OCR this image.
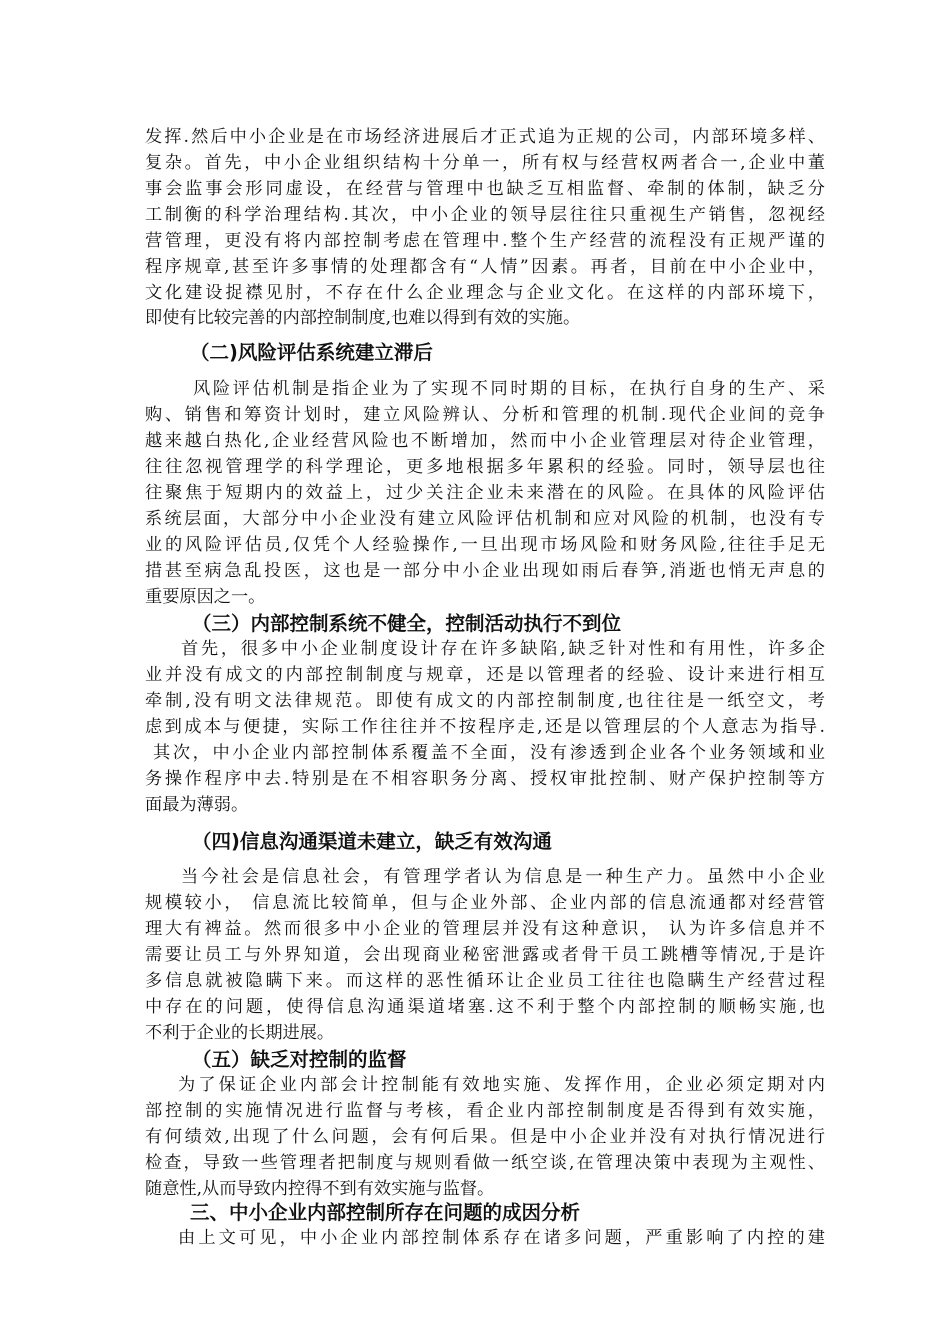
发挥.然后中小企业是在市场经济进展后才正式追为正规的公司，内部环境多样、
复杂。首先，中小企业组织结构十分单一，所有权与经营权两者合一,企业中董
事会监事会形同虚设，在经营与管理中也缺乏互相监督、牵制的体制，缺乏分
工制衡的科学治理结构.其次，中小企业的领导层往往只重视生产销售，忽视经
营管理，更没有将内部控制考虑在管理中.整个生产经营的流程没有正规严谨的
程序规章,甚至许多事情的处理都含有“人情”因素。再者，目前在中小企业中，
文化建设捉襟见肘，不存在什么企业理念与企业文化。在这样的内部环境下，
即使有比较完善的内部控制制度,也难以得到有效的实施。
（二)风险评估系统建立滞后
风险评估机制是指企业为了实现不同时期的目标，在执行自身的生产、采
购、销售和筹资计划时，建立风险辨认、分析和管理的机制.现代企业间的竞争
越来越白热化,企业经营风险也不断增加，然而中小企业管理层对待企业管理，
往往忽视管理学的科学理论，更多地根据多年累积的经验。同时，领导层也往
往聚焦于短期内的效益上，过少关注企业未来潜在的风险。在具体的风险评估
系统层面，大部分中小企业没有建立风险评估机制和应对风险的机制，也没有专
业的风险评估员,仅凭个人经验操作,一旦出现市场风险和财务风险,往往手足无
措甚至病急乱投医，这也是一部分中小企业出现如雨后春笋,消逝也悄无声息的
重要原因之一。
（三）内部控制系统不健全，控制活动执行不到位
首先，很多中小企业制度设计存在许多缺陷,缺乏针对性和有用性，许多企
业并没有成文的内部控制制度与规章，还是以管理者的经验、设计来进行相互
牵制,没有明文法律规范。即使有成文的内部控制制度,也往往是一纸空文，考
虑到成本与便捷，实际工作往往并不按程序走,还是以管理层的个人意志为指导.
其次，中小企业内部控制体系覆盖不全面，没有渗透到企业各个业务领域和业
务操作程序中去.特别是在不相容职务分离、授权审批控制、财产保护控制等方
面最为薄弱。
（四)信息沟通渠道未建立，缺乏有效沟通
当今社会是信息社会，有管理学者认为信息是一种生产力。虽然中小企业
规模较小， 信息流比较简单，但与企业外部、企业内部的信息流通都对经营管
理大有裨益。然而很多中小企业的管理层并没有这种意识， 认为许多信息并不
需要让员工与外界知道，会出现商业秘密泄露或者骨干员工跳槽等情况,于是许
多信息就被隐瞒下来。而这样的恶性循环让企业员工往往也隐瞒生产经营过程
中存在的问题，使得信息沟通渠道堵塞.这不利于整个内部控制的顺畅实施,也
不利于企业的长期进展。
（五）缺乏对控制的监督
为了保证企业内部会计控制能有效地实施、发挥作用，企业必须定期对内
部控制的实施情况进行监督与考核，看企业内部控制制度是否得到有效实施，
有何绩效,出现了什么问题，会有何后果。但是中小企业并没有对执行情况进行
检查，导致一些管理者把制度与规则看做一纸空谈,在管理决策中表现为主观性、
随意性,从而导致内控得不到有效实施与监督。
三、中小企业内部控制所存在问题的成因分析
由上文可见，中小企业内部控制体系存在诸多问题，严重影响了内控的建
